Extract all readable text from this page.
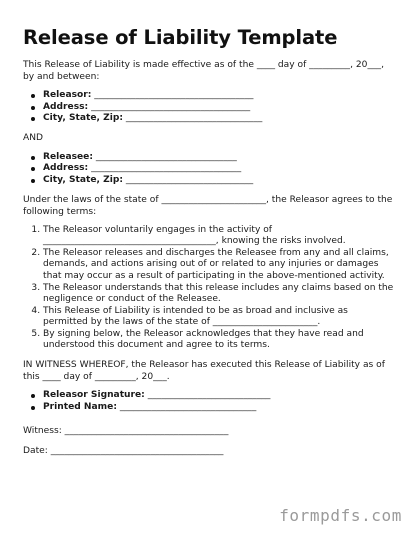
Release of Liability Template

This Release of Liability is made effective as of the ____ day of _________, 20___, by and between:

Releasor: ___________________________________
Address: ___________________________________
City, State, Zip: ______________________________

AND

Releasee: _______________________________
Address: _________________________________
City, State, Zip: ____________________________

Under the laws of the state of _______________________, the Releasor agrees to the following terms:

1. The Releasor voluntarily engages in the activity of ______________________________________, knowing the risks involved.
2. The Releasor releases and discharges the Releasee from any and all claims, demands, and actions arising out of or related to any injuries or damages that may occur as a result of participating in the above-mentioned activity.
3. The Releasor understands that this release includes any claims based on the negligence or conduct of the Releasee.
4. This Release of Liability is intended to be as broad and inclusive as permitted by the laws of the state of _______________________.
5. By signing below, the Releasor acknowledges that they have read and understood this document and agree to its terms.

IN WITNESS WHEREOF, the Releasor has executed this Release of Liability as of this ____ day of _________, 20___.

Releasor Signature: ___________________________
Printed Name: ______________________________

Witness: ____________________________________

Date: ______________________________________

formpdfs.com
